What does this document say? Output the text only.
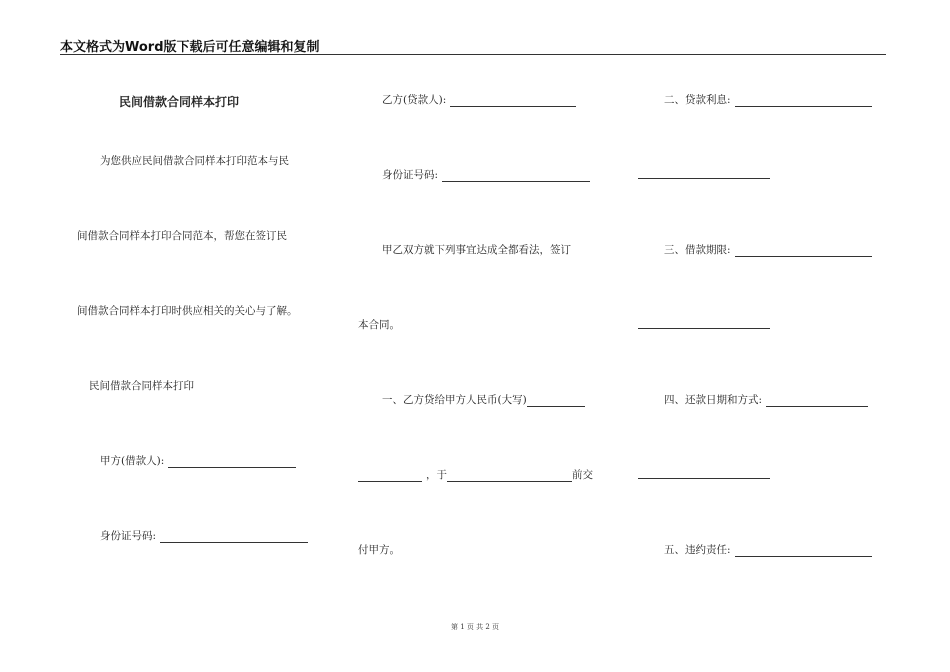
本文格式为Word版下载后可任意编辑和复制
民间借款合同样本打印
为您供应民间借款合同样本打印范本与民
间借款合同样本打印合同范本，帮您在签订民
间借款合同样本打印时供应相关的关心与了解。
民间借款合同样本打印
甲方(借款人):
身份证号码:
乙方(贷款人):
身份证号码:
甲乙双方就下列事宜达成全都看法，签订
本合同。
一、乙方贷给甲方人民币(大写)
，于	前交
付甲方。
二、贷款利息:
三、借款期限:
四、还款日期和方式:
五、违约责任:
第 1 页 共 2 页
